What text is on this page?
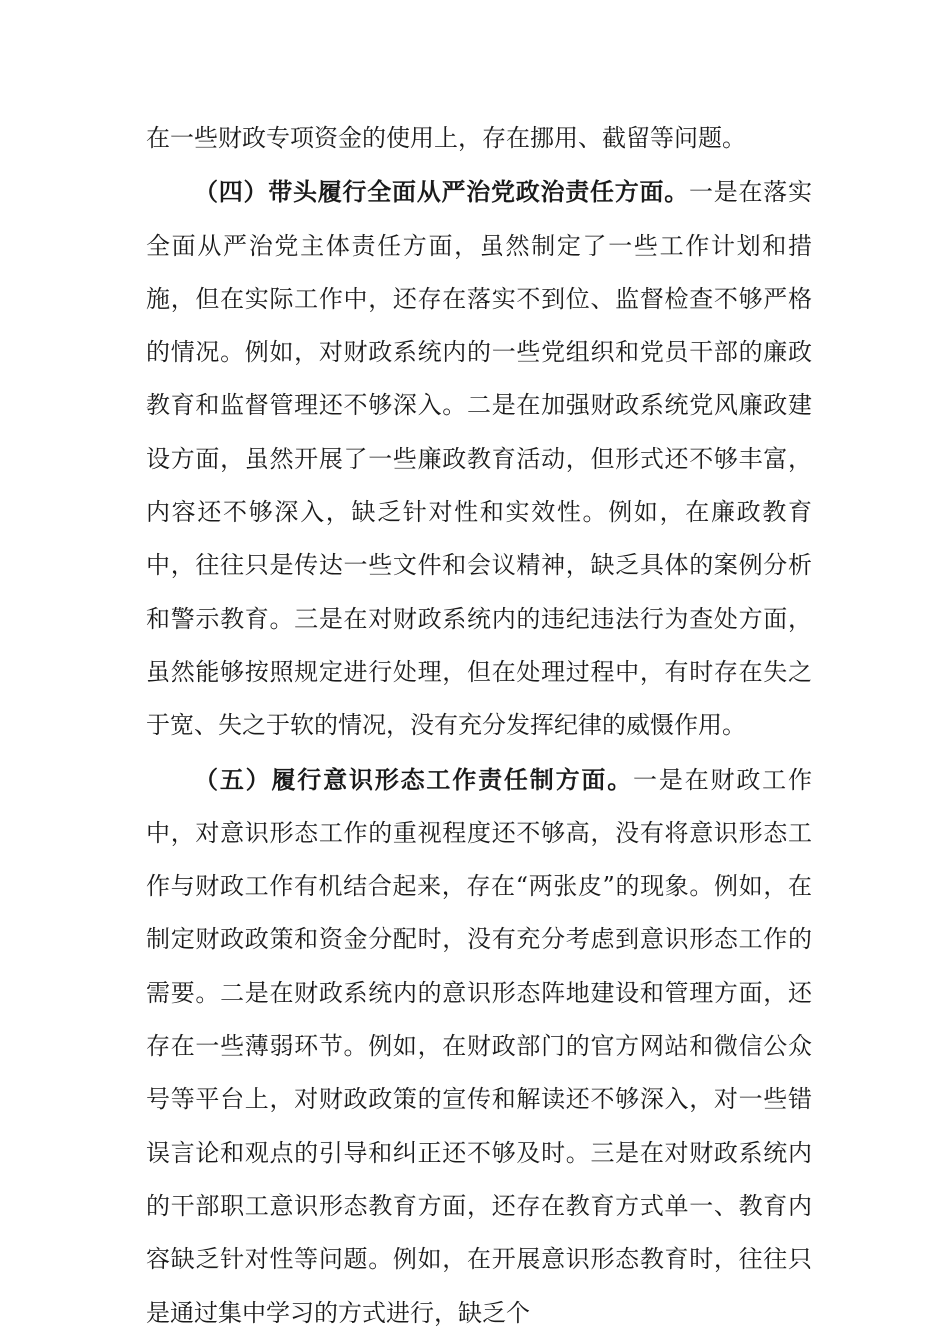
在一些财政专项资金的使用上，存在挪用、截留等问题。

（四）带头履行全面从严治党政治责任方面。一是在落实全面从严治党主体责任方面，虽然制定了一些工作计划和措施，但在实际工作中，还存在落实不到位、监督检查不够严格的情况。例如，对财政系统内的一些党组织和党员干部的廉政教育和监督管理还不够深入。二是在加强财政系统党风廉政建设方面，虽然开展了一些廉政教育活动，但形式还不够丰富，内容还不够深入，缺乏针对性和实效性。例如，在廉政教育中，往往只是传达一些文件和会议精神，缺乏具体的案例分析和警示教育。三是在对财政系统内的违纪违法行为查处方面，虽然能够按照规定进行处理，但在处理过程中，有时存在失之于宽、失之于软的情况，没有充分发挥纪律的威慑作用。

（五）履行意识形态工作责任制方面。一是在财政工作中，对意识形态工作的重视程度还不够高，没有将意识形态工作与财政工作有机结合起来，存在“两张皮”的现象。例如，在制定财政政策和资金分配时，没有充分考虑到意识形态工作的需要。二是在财政系统内的意识形态阵地建设和管理方面，还存在一些薄弱环节。例如，在财政部门的官方网站和微信公众号等平台上，对财政政策的宣传和解读还不够深入，对一些错误言论和观点的引导和纠正还不够及时。三是在对财政系统内的干部职工意识形态教育方面，还存在教育方式单一、教育内容缺乏针对性等问题。例如，在开展意识形态教育时，往往只是通过集中学习的方式进行，缺乏个
